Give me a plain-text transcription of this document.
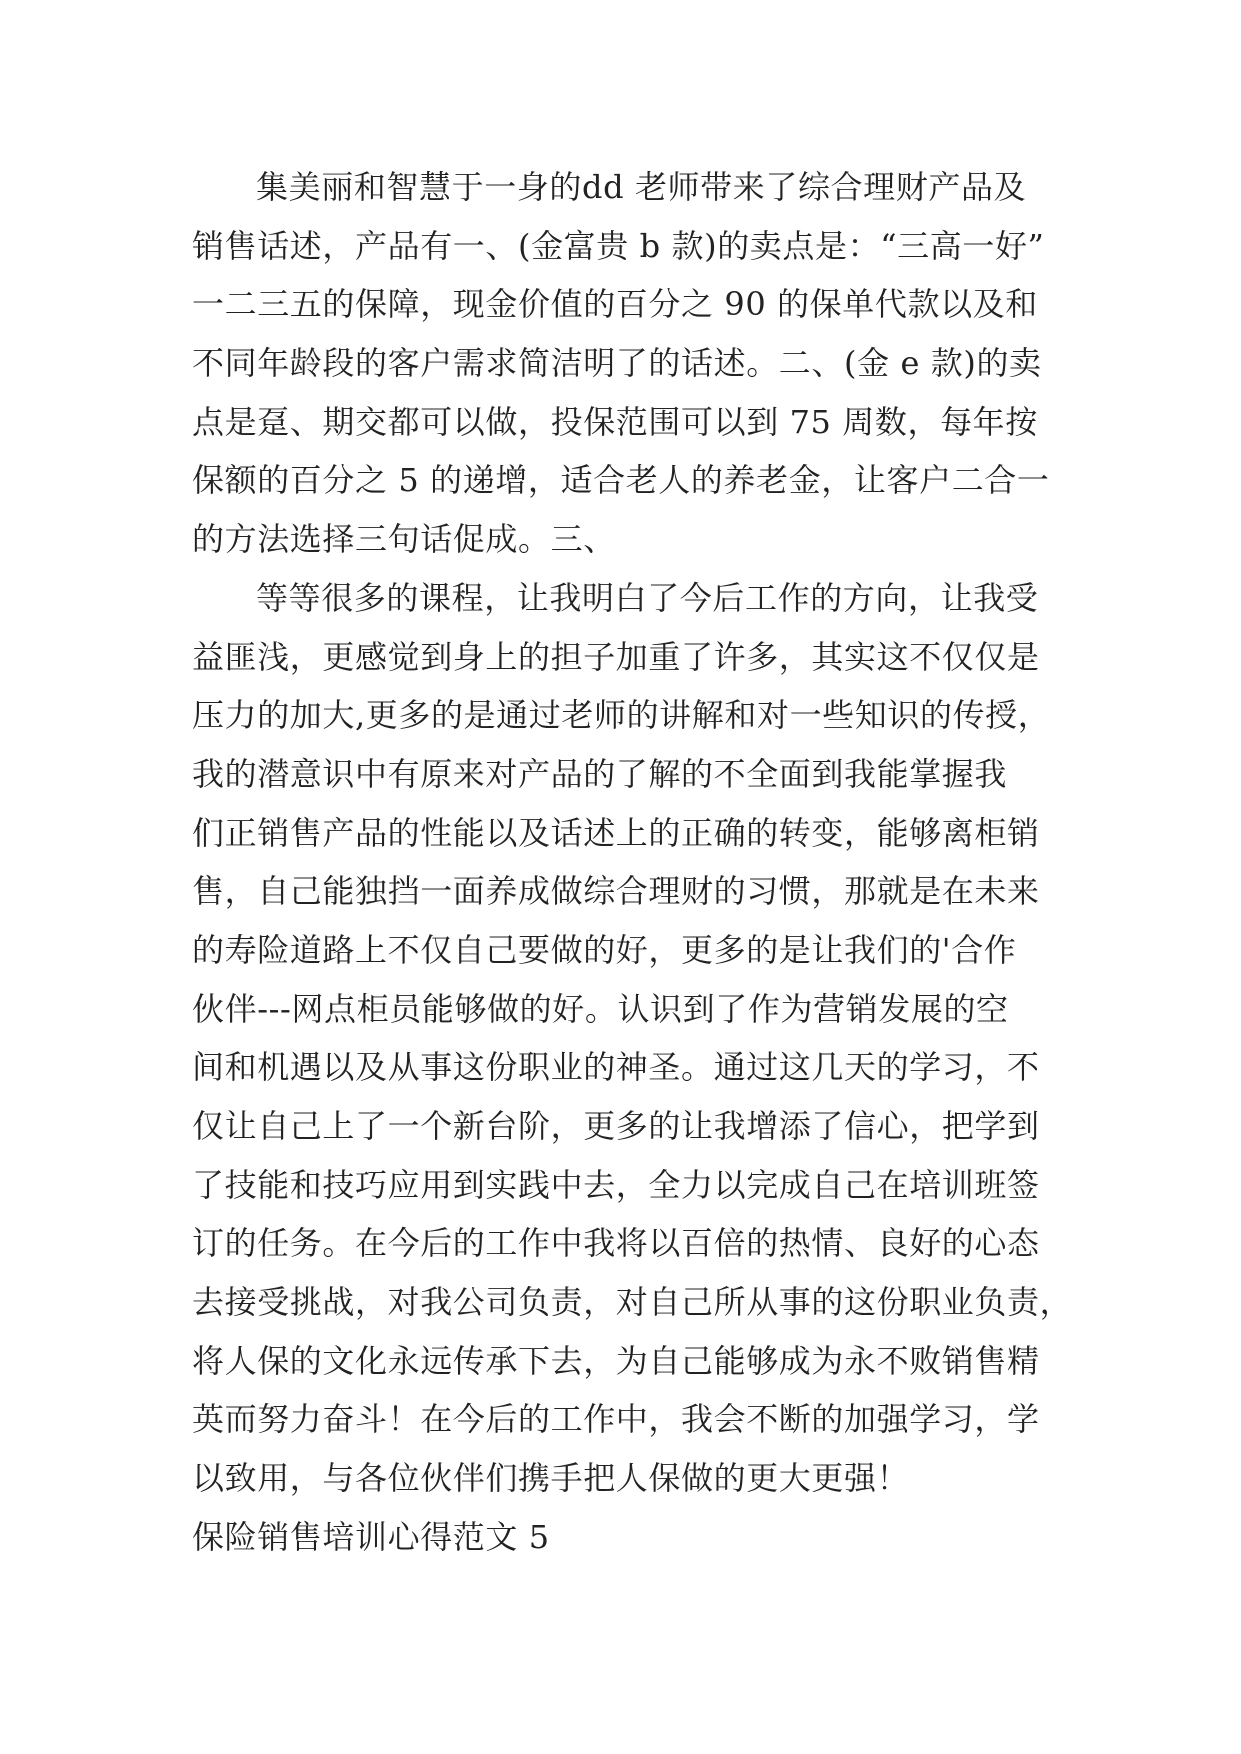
集美丽和智慧于一身的dd 老师带来了综合理财产品及
销售话述，产品有一、(金富贵 b 款)的卖点是：“三高一好”
一二三五的保障，现金价值的百分之 90 的保单代款以及和
不同年龄段的客户需求简洁明了的话述。二、(金 e 款)的卖
点是趸、期交都可以做，投保范围可以到 75 周数，每年按
保额的百分之 5 的递增，适合老人的养老金，让客户二合一
的方法选择三句话促成。三、
等等很多的课程，让我明白了今后工作的方向，让我受
益匪浅，更感觉到身上的担子加重了许多，其实这不仅仅是
压力的加大,更多的是通过老师的讲解和对一些知识的传授，
我的潜意识中有原来对产品的了解的不全面到我能掌握我
们正销售产品的性能以及话述上的正确的转变，能够离柜销
售，自己能独挡一面养成做综合理财的习惯，那就是在未来
的寿险道路上不仅自己要做的好，更多的是让我们的'合作
伙伴---网点柜员能够做的好。认识到了作为营销发展的空
间和机遇以及从事这份职业的神圣。通过这几天的学习，不
仅让自己上了一个新台阶，更多的让我增添了信心，把学到
了技能和技巧应用到实践中去，全力以完成自己在培训班签
订的任务。在今后的工作中我将以百倍的热情、良好的心态
去接受挑战，对我公司负责，对自己所从事的这份职业负责，
将人保的文化永远传承下去，为自己能够成为永不败销售精
英而努力奋斗！在今后的工作中，我会不断的加强学习，学
以致用，与各位伙伴们携手把人保做的更大更强！
保险销售培训心得范文 5
